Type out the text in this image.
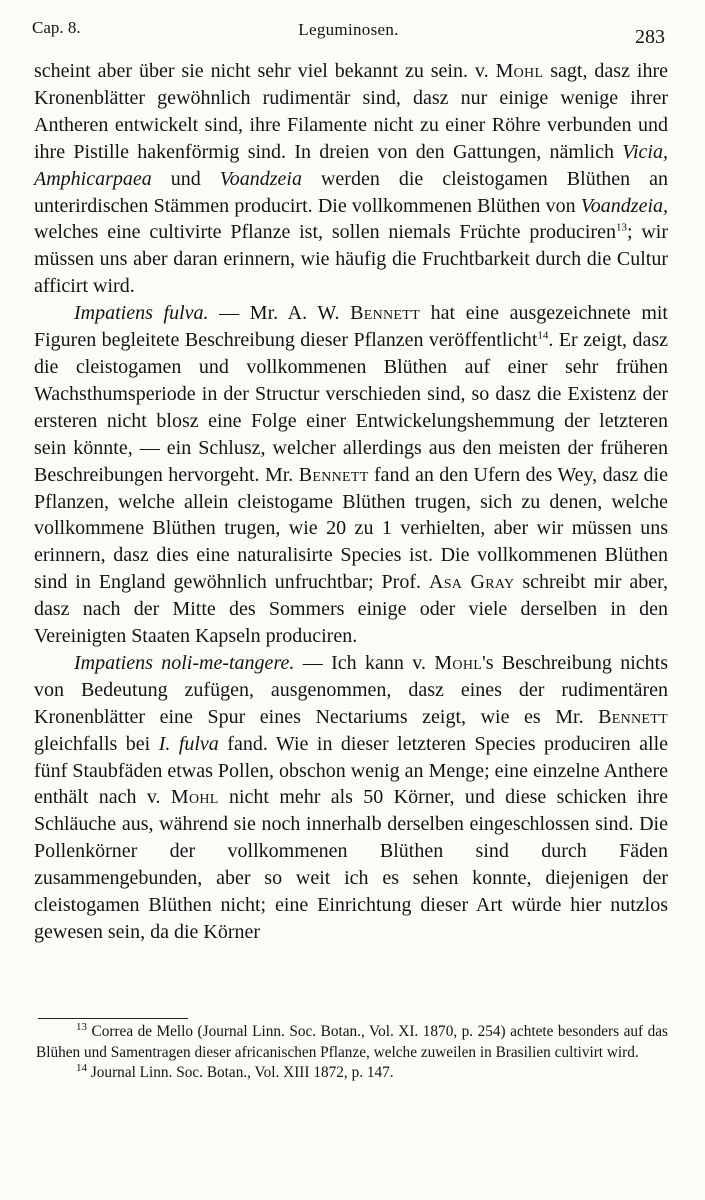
Cap. 8.	Leguminosen.	283

scheint aber über sie nicht sehr viel bekannt zu sein. v. Mohl sagt, dasz ihre Kronenblätter gewöhnlich rudimentär sind, dasz nur einige wenige ihrer Antheren entwickelt sind, ihre Filamente nicht zu einer Röhre verbunden und ihre Pistille hakenförmig sind. In dreien von den Gattungen, nämlich Vicia, Amphicarpaea und Voandzeia werden die cleistogamen Blüthen an unterirdischen Stämmen producirt. Die vollkommenen Blüthen von Voandzeia, welches eine cultivirte Pflanze ist, sollen niemals Früchte produciren$^{13}$; wir müssen uns aber daran erinnern, wie häufig die Fruchtbarkeit durch die Cultur afficirt wird.

Impatiens fulva. — Mr. A. W. Bennett hat eine ausgezeichnete mit Figuren begleitete Beschreibung dieser Pflanzen veröffentlicht$^{14}$. Er zeigt, dasz die cleistogamen und vollkommenen Blüthen auf einer sehr frühen Wachsthumsperiode in der Structur verschieden sind, so dasz die Existenz der ersteren nicht blosz eine Folge einer Entwickelungshemmung der letzteren sein könnte, — ein Schlusz, welcher allerdings aus den meisten der früheren Beschreibungen hervorgeht. Mr. Bennett fand an den Ufern des Wey, dasz die Pflanzen, welche allein cleistogame Blüthen trugen, sich zu denen, welche vollkommene Blüthen trugen, wie 20 zu 1 verhielten, aber wir müssen uns erinnern, dasz dies eine naturalisirte Species ist. Die vollkommenen Blüthen sind in England gewöhnlich unfruchtbar; Prof. Asa Gray schreibt mir aber, dasz nach der Mitte des Sommers einige oder viele derselben in den Vereinigten Staaten Kapseln produciren.

Impatiens noli-me-tangere. — Ich kann v. Mohl's Beschreibung nichts von Bedeutung zufügen, ausgenommen, dasz eines der rudimentären Kronenblätter eine Spur eines Nectariums zeigt, wie es Mr. Bennett gleichfalls bei I. fulva fand. Wie in dieser letzteren Species produciren alle fünf Staubfäden etwas Pollen, obschon wenig an Menge; eine einzelne Anthere enthält nach v. Mohl nicht mehr als 50 Körner, und diese schicken ihre Schläuche aus, während sie noch innerhalb derselben eingeschlossen sind. Die Pollenkörner der vollkommenen Blüthen sind durch Fäden zusammengebunden, aber so weit ich es sehen konnte, diejenigen der cleistogamen Blüthen nicht; eine Einrichtung dieser Art würde hier nutzlos gewesen sein, da die Körner

$^{13}$ Correa de Mello (Journal Linn. Soc. Botan., Vol. XI. 1870, p. 254) achtete besonders auf das Blühen und Samentragen dieser africanischen Pflanze, welche zuweilen in Brasilien cultivirt wird.

$^{14}$ Journal Linn. Soc. Botan., Vol. XIII 1872, p. 147.
